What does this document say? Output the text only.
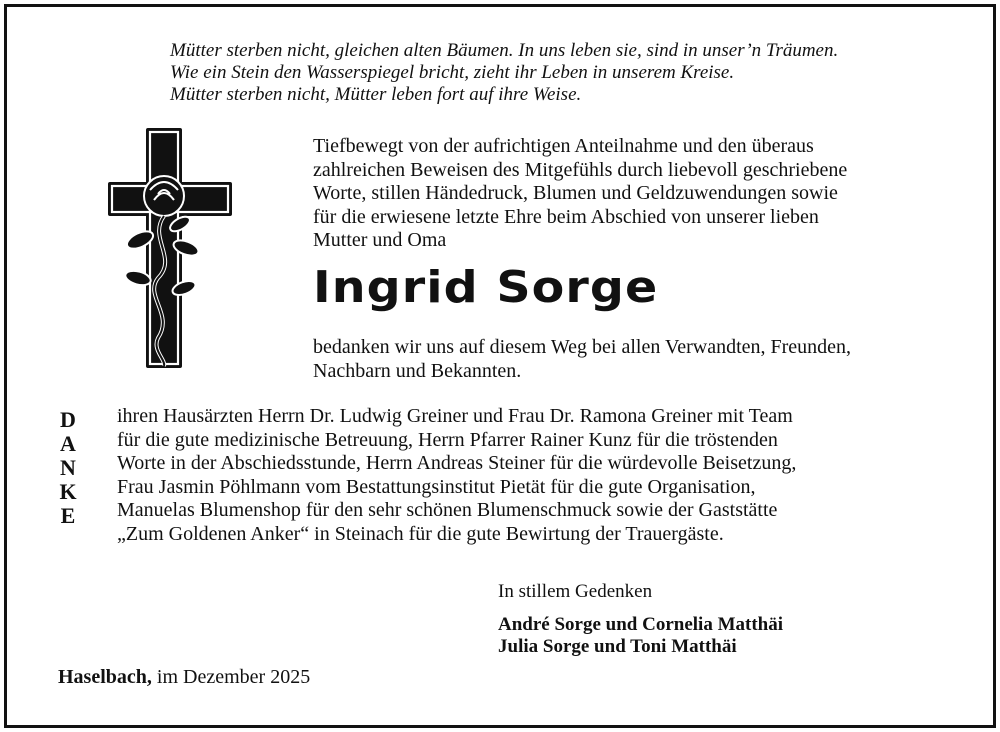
Mütter sterben nicht, gleichen alten Bäumen. In uns leben sie, sind in unser’n Träumen.
Wie ein Stein den Wasserspiegel bricht, zieht ihr Leben in unserem Kreise.
Mütter sterben nicht, Mütter leben fort auf ihre Weise.
Tiefbewegt von der aufrichtigen Anteilnahme und den überaus
zahlreichen Beweisen des Mitgefühls durch liebevoll geschriebene
Worte, stillen Händedruck, Blumen und Geldzuwendungen sowie
für die erwiesene letzte Ehre beim Abschied von unserer lieben
Mutter und Oma
Ingrid Sorge
bedanken wir uns auf diesem Weg bei allen Verwandten, Freunden,
Nachbarn und Bekannten.
D
A
N
K
E
ihren Hausärzten Herrn Dr. Ludwig Greiner und Frau Dr. Ramona Greiner mit Team
für die gute medizinische Betreuung, Herrn Pfarrer Rainer Kunz für die tröstenden
Worte in der Abschiedsstunde, Herrn Andreas Steiner für die würdevolle Beisetzung,
Frau Jasmin Pöhlmann vom Bestattungsinstitut Pietät für die gute Organisation,
Manuelas Blumenshop für den sehr schönen Blumenschmuck sowie der Gaststätte
„Zum Goldenen Anker“ in Steinach für die gute Bewirtung der Trauergäste.
In stillem Gedenken
André Sorge und Cornelia Matthäi
Julia Sorge und Toni Matthäi
Haselbach, im Dezember 2025
